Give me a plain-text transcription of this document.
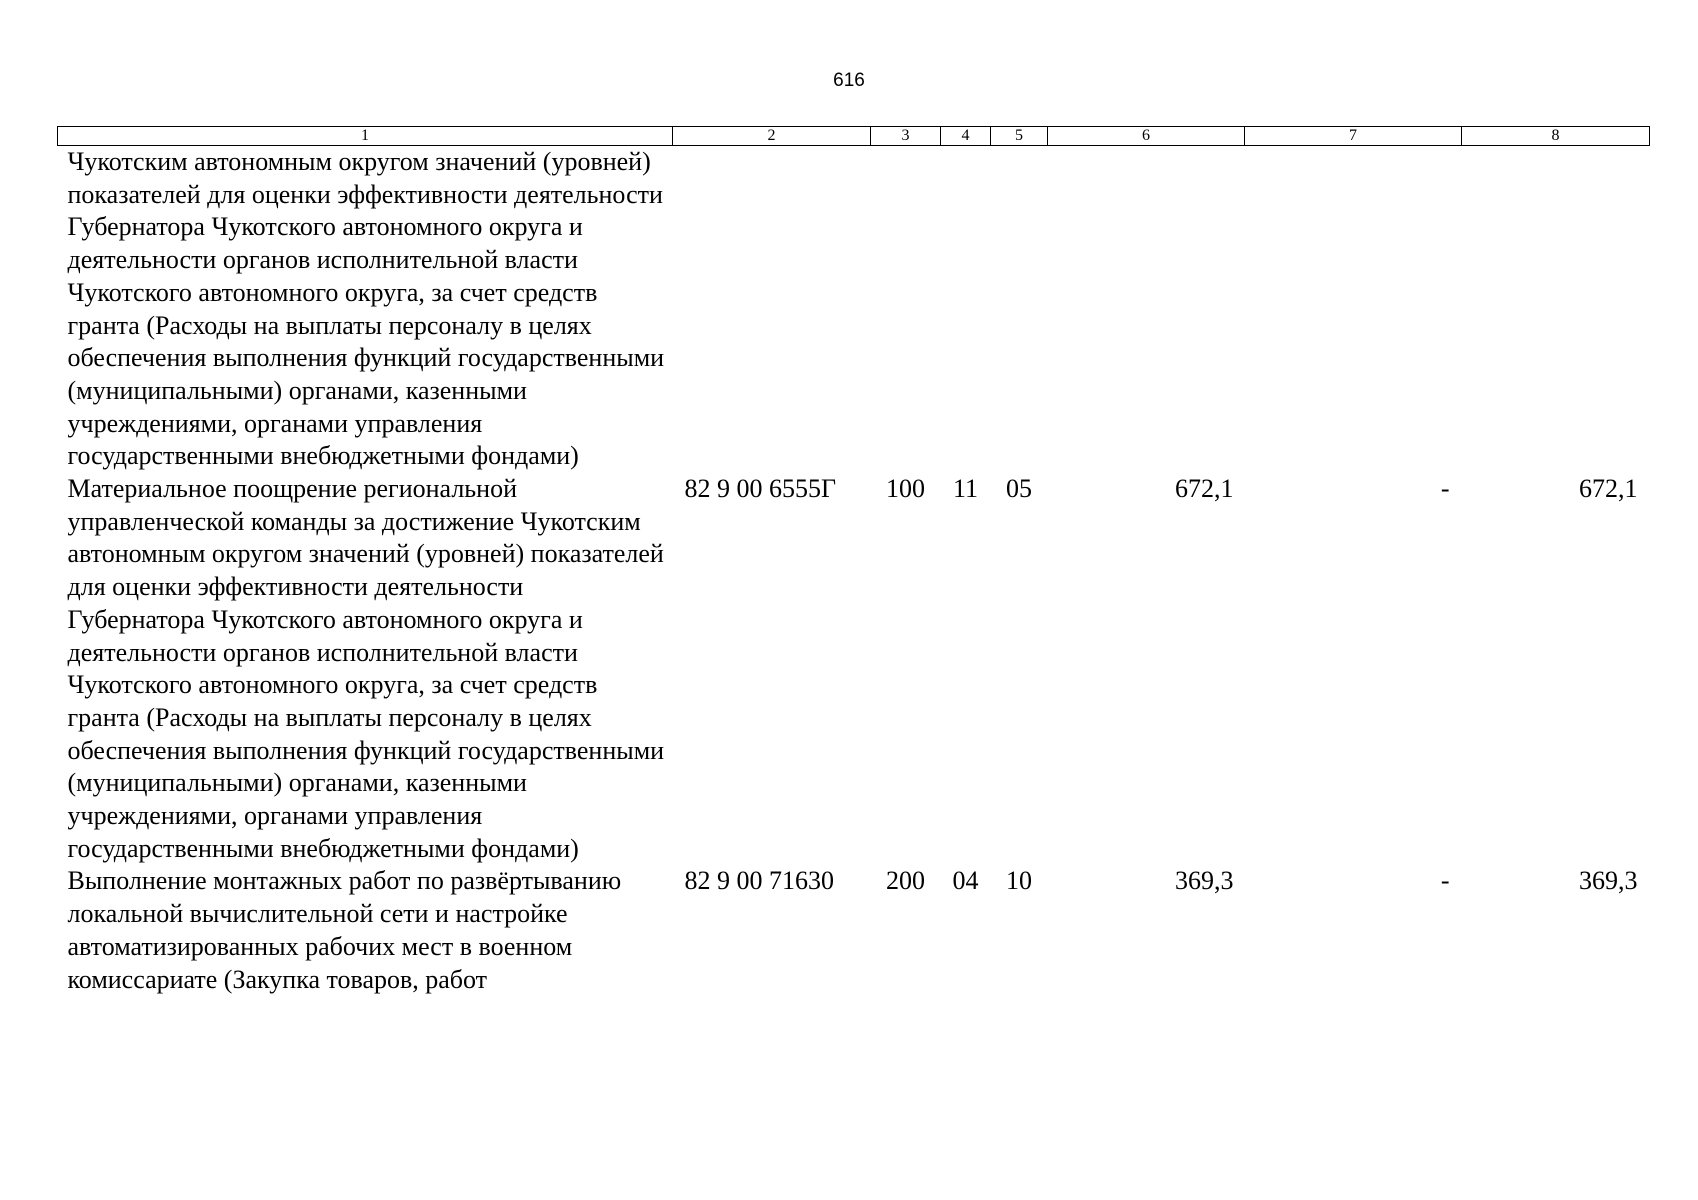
616
1	2	3	4	5	6	7	8
Чукотским автономным округом значений (уровней) показателей для оценки эффективности деятельности Губернатора Чукотского автономного округа и деятельности органов исполнительной власти Чукотского автономного округа, за счет средств гранта (Расходы на выплаты персоналу в целях обеспечения выполнения функций государственными (муниципальными) органами, казенными учреждениями, органами управления государственными внебюджетными фондами)							
Материальное поощрение региональной управленческой команды за достижение Чукотским автономным округом значений (уровней) показателей для оценки эффективности деятельности Губернатора Чукотского автономного округа и деятельности органов исполнительной власти Чукотского автономного округа, за счет средств гранта (Расходы на выплаты персоналу в целях обеспечения выполнения функций государственными (муниципальными) органами, казенными учреждениями, органами управления государственными внебюджетными фондами)	82 9 00 6555Г	100	11	05	672,1	-	672,1
Выполнение монтажных работ по развёртыванию локальной вычислительной сети и настройке автоматизированных рабочих мест в военном комиссариате (Закупка товаров, работ	82 9 00 71630	200	04	10	369,3	-	369,3
